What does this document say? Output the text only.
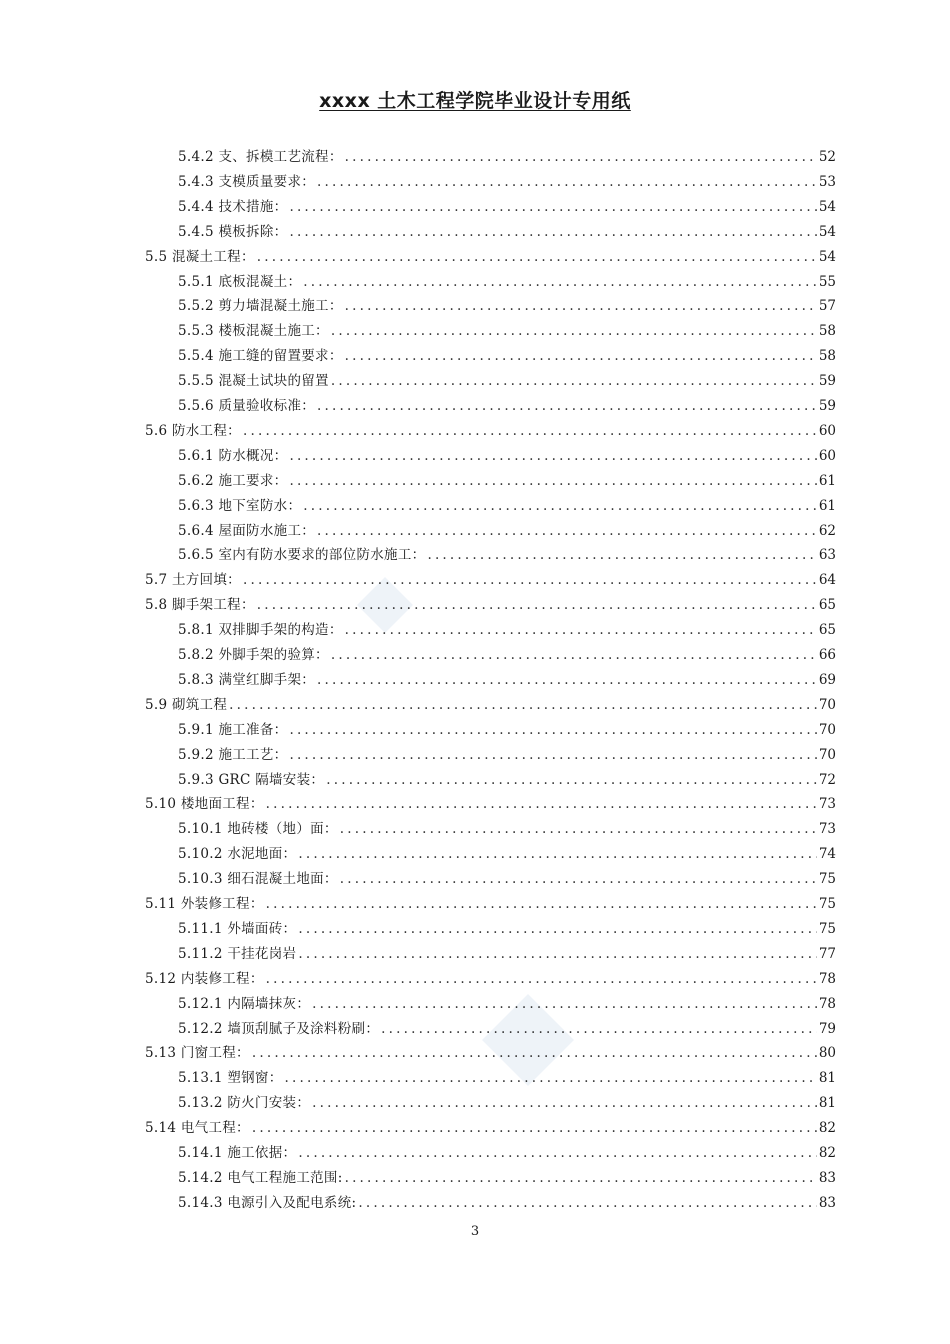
xxxx 土木工程学院毕业设计专用纸
5.4.2 支、拆模工艺流程： .....	52
5.4.3 支模质量要求： .....	53
5.4.4 技术措施： .....	54
5.4.5 模板拆除： .....	54
5.5 混凝土工程： .....	54
5.5.1 底板混凝土： .....	55
5.5.2 剪力墙混凝土施工： .....	57
5.5.3 楼板混凝土施工： .....	58
5.5.4 施工缝的留置要求： .....	58
5.5.5 混凝土试块的留置 .....	59
5.5.6 质量验收标准： .....	59
5.6 防水工程： .....	60
5.6.1 防水概况： .....	60
5.6.2 施工要求： .....	61
5.6.3 地下室防水： .....	61
5.6.4 屋面防水施工： .....	62
5.6.5 室内有防水要求的部位防水施工： .....	63
5.7 土方回填： .....	64
5.8 脚手架工程： .....	65
5.8.1 双排脚手架的构造： .....	65
5.8.2 外脚手架的验算： .....	66
5.8.3 满堂红脚手架： .....	69
5.9 砌筑工程 .....	70
5.9.1 施工准备： .....	70
5.9.2 施工工艺： .....	70
5.9.3 GRC 隔墙安装： .....	72
5.10 楼地面工程： .....	73
5.10.1 地砖楼（地）面： .....	73
5.10.2 水泥地面： .....	74
5.10.3 细石混凝土地面： .....	75
5.11 外装修工程： .....	75
5.11.1 外墙面砖： .....	75
5.11.2 干挂花岗岩 .....	77
5.12 内装修工程： .....	78
5.12.1 内隔墙抹灰： .....	78
5.12.2 墙顶刮腻子及涂料粉刷： .....	79
5.13 门窗工程： .....	80
5.13.1 塑钢窗： .....	81
5.13.2 防火门安装： .....	81
5.14 电气工程： .....	82
5.14.1 施工依据： .....	82
5.14.2 电气工程施工范围: .....	83
5.14.3 电源引入及配电系统: .....	83
3
